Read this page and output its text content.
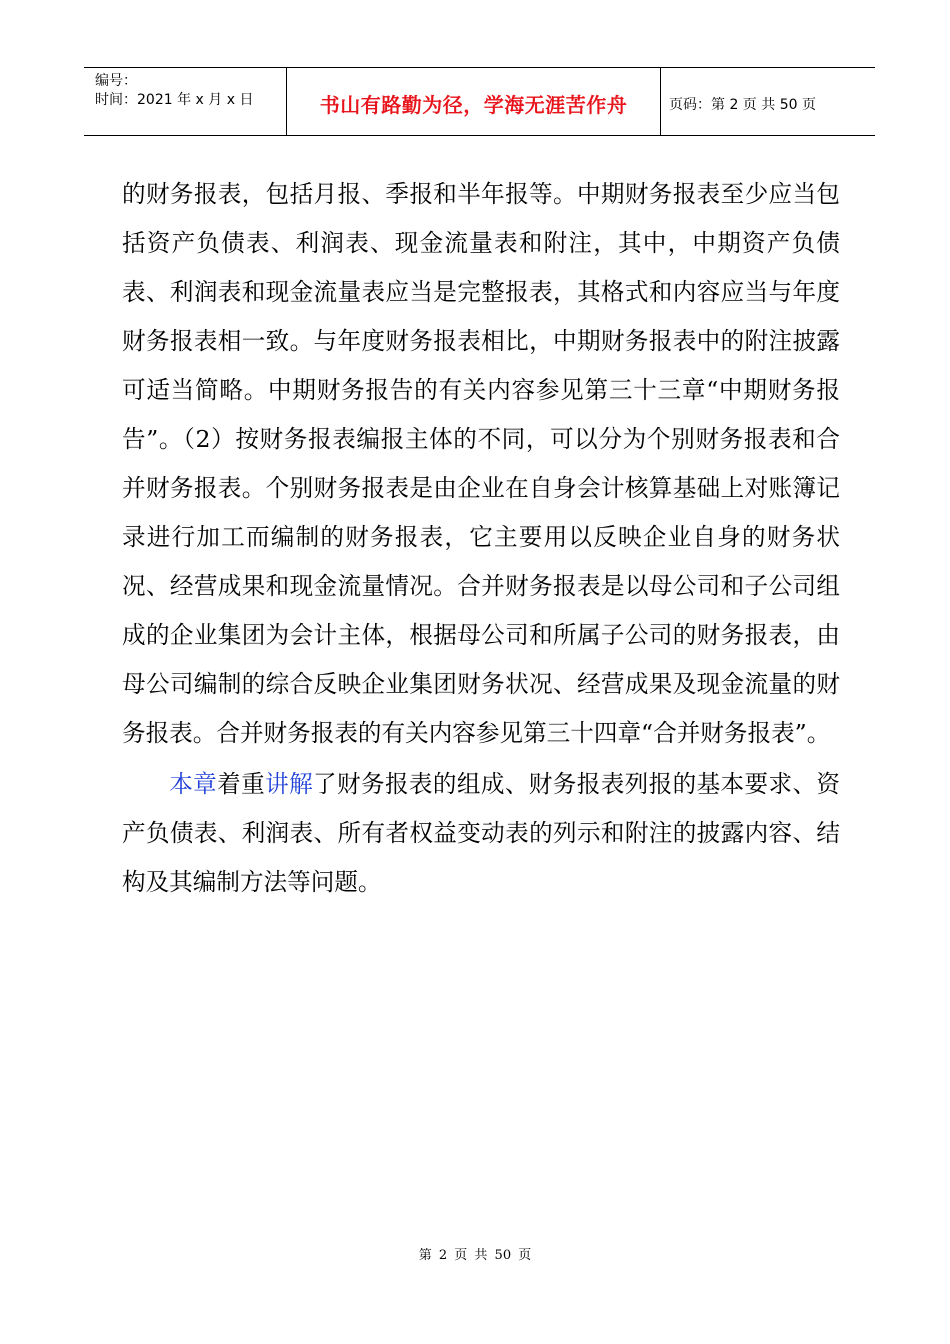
编号：
时间：2021 年 x 月 x 日	书山有路勤为径，学海无涯苦作舟	页码：第 2 页 共 50 页

的财务报表，包括月报、季报和半年报等。中期财务报表至少应当包括资产负债表、利润表、现金流量表和附注，其中，中期资产负债表、利润表和现金流量表应当是完整报表，其格式和内容应当与年度财务报表相一致。与年度财务报表相比，中期财务报表中的附注披露可适当简略。中期财务报告的有关内容参见第三十三章“中期财务报告”。（2）按财务报表编报主体的不同，可以分为个别财务报表和合并财务报表。个别财务报表是由企业在自身会计核算基础上对账簿记录进行加工而编制的财务报表，它主要用以反映企业自身的财务状况、经营成果和现金流量情况。合并财务报表是以母公司和子公司组成的企业集团为会计主体，根据母公司和所属子公司的财务报表，由母公司编制的综合反映企业集团财务状况、经营成果及现金流量的财务报表。合并财务报表的有关内容参见第三十四章“合并财务报表”。

本章着重讲解了财务报表的组成、财务报表列报的基本要求、资产负债表、利润表、所有者权益变动表的列示和附注的披露内容、结构及其编制方法等问题。

第 2 页 共 50 页
